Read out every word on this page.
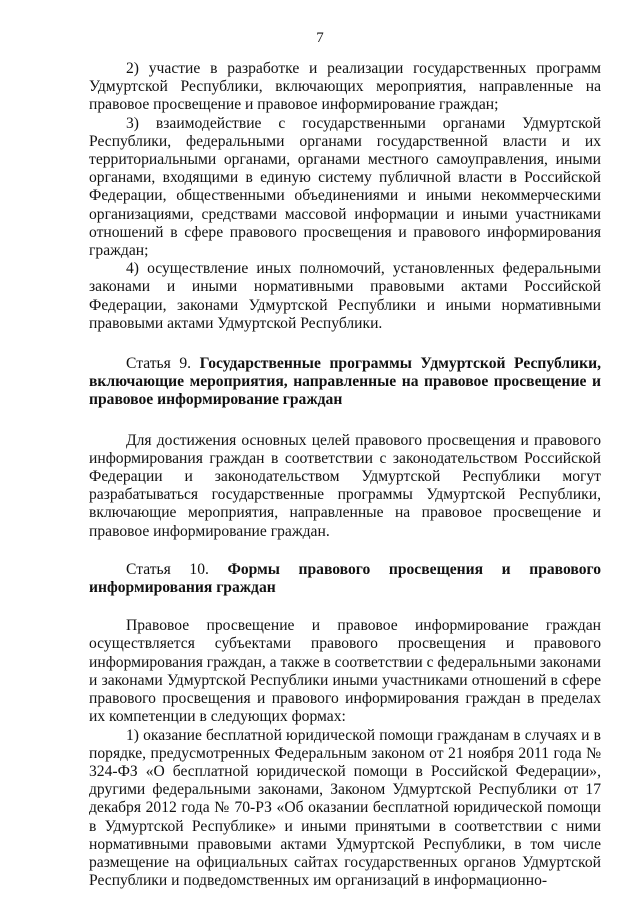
7

2) участие в разработке и реализации государственных программ Удмуртской Республики, включающих мероприятия, направленные на правовое просвещение и правовое информирование граждан;

3) взаимодействие с государственными органами Удмуртской Республики, федеральными органами государственной власти и их территориальными органами, органами местного самоуправления, иными органами, входящими в единую систему публичной власти в Российской Федерации, общественными объединениями и иными некоммерческими организациями, средствами массовой информации и иными участниками отношений в сфере правового просвещения и правового информирования граждан;

4) осуществление иных полномочий, установленных федеральными законами и иными нормативными правовыми актами Российской Федерации, законами Удмуртской Республики и иными нормативными правовыми актами Удмуртской Республики.

Статья 9. Государственные программы Удмуртской Республики, включающие мероприятия, направленные на правовое просвещение и правовое информирование граждан

Для достижения основных целей правового просвещения и правового информирования граждан в соответствии с законодательством Российской Федерации и законодательством Удмуртской Республики могут разрабатываться государственные программы Удмуртской Республики, включающие мероприятия, направленные на правовое просвещение и правовое информирование граждан.

Статья 10. Формы правового просвещения и правового информирования граждан

Правовое просвещение и правовое информирование граждан осуществляется субъектами правового просвещения и правового информирования граждан, а также в соответствии с федеральными законами и законами Удмуртской Республики иными участниками отношений в сфере правового просвещения и правового информирования граждан в пределах их компетенции в следующих формах:

1) оказание бесплатной юридической помощи гражданам в случаях и в порядке, предусмотренных Федеральным законом от 21 ноября 2011 года № 324-ФЗ «О бесплатной юридической помощи в Российской Федерации», другими федеральными законами, Законом Удмуртской Республики от 17 декабря 2012 года № 70-РЗ «Об оказании бесплатной юридической помощи в Удмуртской Республике» и иными принятыми в соответствии с ними нормативными правовыми актами Удмуртской Республики, в том числе размещение на официальных сайтах государственных органов Удмуртской Республики и подведомственных им организаций в информационно-
